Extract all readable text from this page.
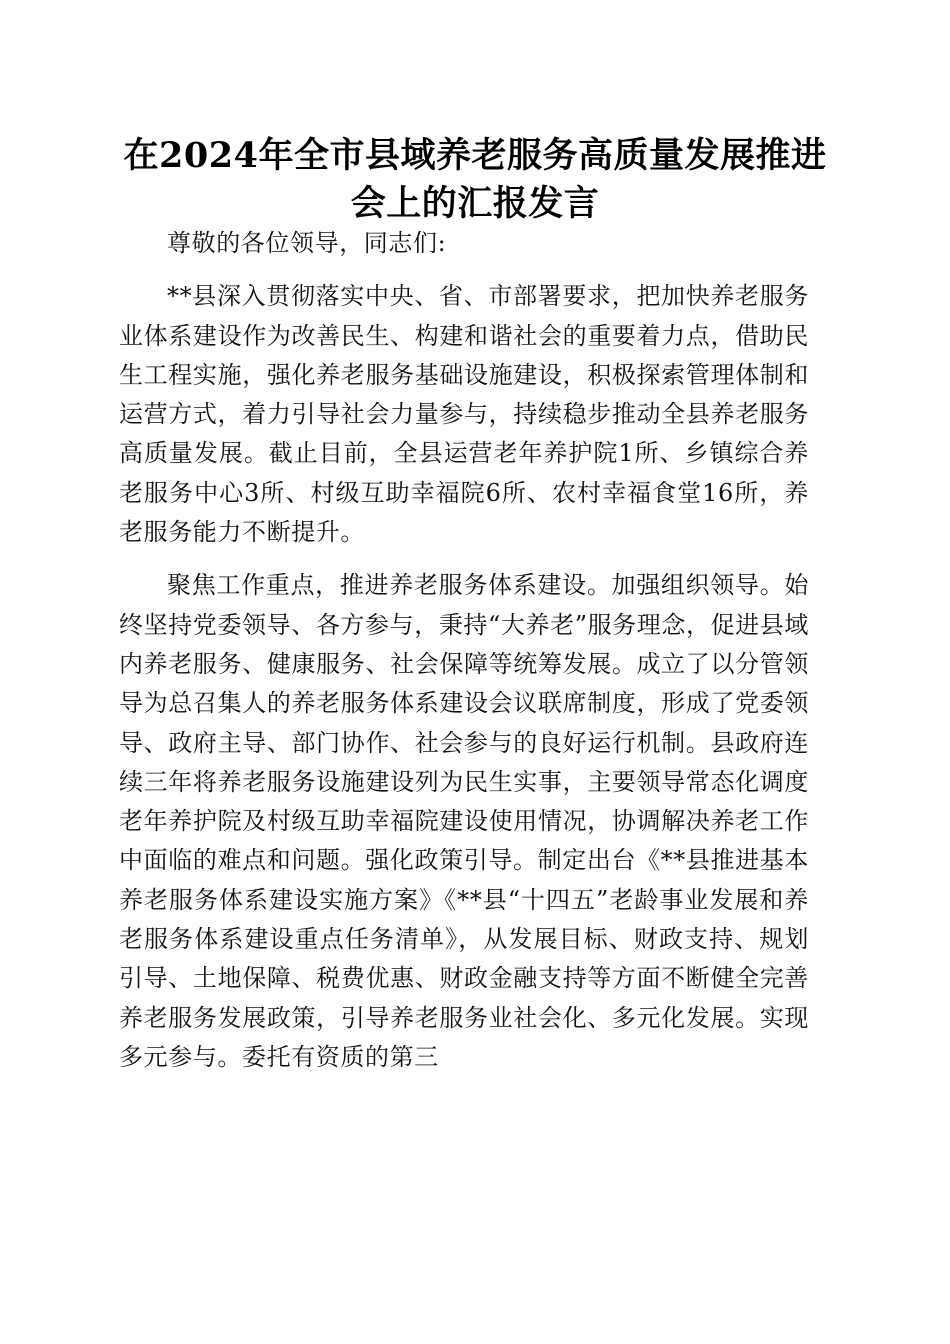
在2024年全市县域养老服务高质量发展推进
会上的汇报发言

尊敬的各位领导，同志们:

**县深入贯彻落实中央、省、市部署要求，把加快养老服务业体系建设作为改善民生、构建和谐社会的重要着力点，借助民生工程实施，强化养老服务基础设施建设，积极探索管理体制和运营方式，着力引导社会力量参与，持续稳步推动全县养老服务高质量发展。截止目前，全县运营老年养护院1所、乡镇综合养老服务中心3所、村级互助幸福院6所、农村幸福食堂16所，养老服务能力不断提升。

聚焦工作重点，推进养老服务体系建设。加强组织领导。始终坚持党委领导、各方参与，秉持“大养老”服务理念，促进县域内养老服务、健康服务、社会保障等统筹发展。成立了以分管领导为总召集人的养老服务体系建设会议联席制度，形成了党委领导、政府主导、部门协作、社会参与的良好运行机制。县政府连续三年将养老服务设施建设列为民生实事，主要领导常态化调度老年养护院及村级互助幸福院建设使用情况，协调解决养老工作中面临的难点和问题。强化政策引导。制定出台《**县推进基本养老服务体系建设实施方案》《**县“十四五”老龄事业发展和养老服务体系建设重点任务清单》，从发展目标、财政支持、规划引导、土地保障、税费优惠、财政金融支持等方面不断健全完善养老服务发展政策，引导养老服务业社会化、多元化发展。实现多元参与。委托有资质的第三
